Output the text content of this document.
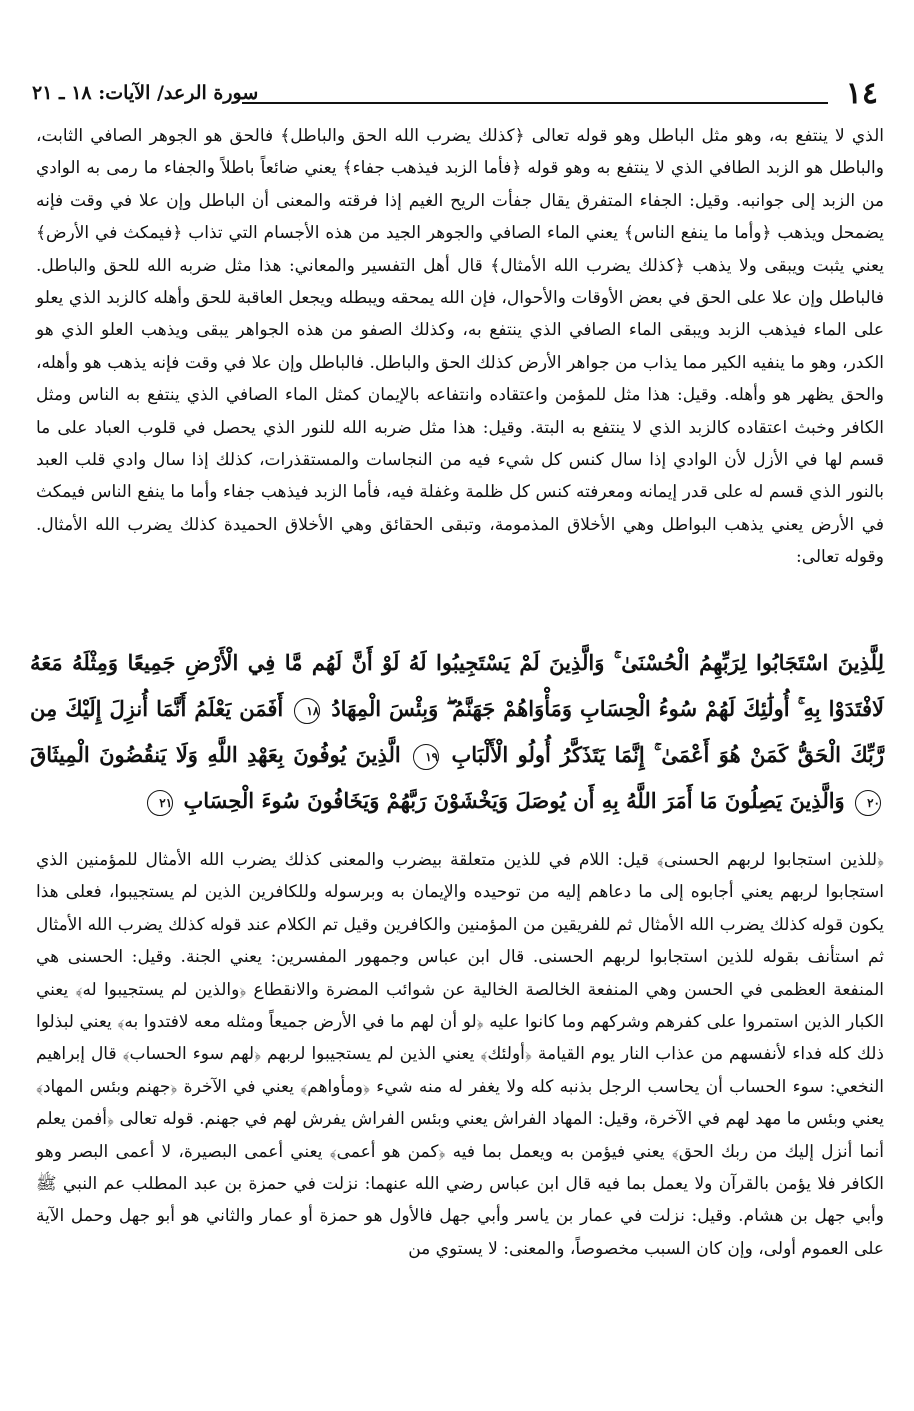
سورة الرعد/ الآيات: ١٨ ـ ٢١	١٤

الذي لا ينتفع به، وهو مثل الباطل وهو قوله تعالى ﴿كذلك يضرب الله الحق والباطل﴾ فالحق هو الجوهر الصافي الثابت، والباطل هو الزبد الطافي الذي لا ينتفع به وهو قوله ﴿فأما الزبد فيذهب جفاء﴾ يعني ضائعاً باطلاً والجفاء ما رمى به الوادي من الزبد إلى جوانبه. وقيل: الجفاء المتفرق يقال جفأت الريح الغيم إذا فرقته والمعنى أن الباطل وإن علا في وقت فإنه يضمحل ويذهب ﴿وأما ما ينفع الناس﴾ يعني الماء الصافي والجوهر الجيد من هذه الأجسام التي تذاب ﴿فيمكث في الأرض﴾ يعني يثبت ويبقى ولا يذهب ﴿كذلك يضرب الله الأمثال﴾ قال أهل التفسير والمعاني: هذا مثل ضربه الله للحق والباطل. فالباطل وإن علا على الحق في بعض الأوقات والأحوال، فإن الله يمحقه ويبطله ويجعل العاقبة للحق وأهله كالزبد الذي يعلو على الماء فيذهب الزبد ويبقى الماء الصافي الذي ينتفع به، وكذلك الصفو من هذه الجواهر يبقى ويذهب العلو الذي هو الكدر، وهو ما ينفيه الكير مما يذاب من جواهر الأرض كذلك الحق والباطل. فالباطل وإن علا في وقت فإنه يذهب هو وأهله، والحق يظهر هو وأهله. وقيل: هذا مثل للمؤمن واعتقاده وانتفاعه بالإيمان كمثل الماء الصافي الذي ينتفع به الناس ومثل الكافر وخبث اعتقاده كالزبد الذي لا ينتفع به البتة. وقيل: هذا مثل ضربه الله للنور الذي يحصل في قلوب العباد على ما قسم لها في الأزل لأن الوادي إذا سال كنس كل شيء فيه من النجاسات والمستقذرات، كذلك إذا سال وادي قلب العبد بالنور الذي قسم له على قدر إيمانه ومعرفته كنس كل ظلمة وغفلة فيه، فأما الزبد فيذهب جفاء وأما ما ينفع الناس فيمكث في الأرض يعني يذهب البواطل وهي الأخلاق المذمومة، وتبقى الحقائق وهي الأخلاق الحميدة كذلك يضرب الله الأمثال. وقوله تعالى:

لِلَّذِينَ اسْتَجَابُوا لِرَبِّهِمُ الْحُسْنَىٰ ۚ وَالَّذِينَ لَمْ يَسْتَجِيبُوا لَهُ لَوْ أَنَّ لَهُم مَّا فِي الْأَرْضِ جَمِيعًا وَمِثْلَهُ مَعَهُ لَافْتَدَوْا بِهِ ۚ أُولَٰئِكَ لَهُمْ سُوءُ الْحِسَابِ وَمَأْوَاهُمْ جَهَنَّمُ ۖ وَبِئْسَ الْمِهَادُ ١٨ أَفَمَن يَعْلَمُ أَنَّمَا أُنزِلَ إِلَيْكَ مِن رَّبِّكَ الْحَقُّ كَمَنْ هُوَ أَعْمَىٰ ۚ إِنَّمَا يَتَذَكَّرُ أُولُو الْأَلْبَابِ ١٩ الَّذِينَ يُوفُونَ بِعَهْدِ اللَّهِ وَلَا يَنقُضُونَ الْمِيثَاقَ ٢٠ وَالَّذِينَ يَصِلُونَ مَا أَمَرَ اللَّهُ بِهِ أَن يُوصَلَ وَيَخْشَوْنَ رَبَّهُمْ وَيَخَافُونَ سُوءَ الْحِسَابِ ٢١

﴿للذين استجابوا لربهم الحسنى﴾ قيل: اللام في للذين متعلقة بيضرب والمعنى كذلك يضرب الله الأمثال للمؤمنين الذي استجابوا لربهم يعني أجابوه إلى ما دعاهم إليه من توحيده والإيمان به وبرسوله وللكافرين الذين لم يستجيبوا، فعلى هذا يكون قوله كذلك يضرب الله الأمثال ثم للفريقين من المؤمنين والكافرين وقيل تم الكلام عند قوله كذلك يضرب الله الأمثال ثم استأنف بقوله للذين استجابوا لربهم الحسنى. قال ابن عباس وجمهور المفسرين: يعني الجنة. وقيل: الحسنى هي المنفعة العظمى في الحسن وهي المنفعة الخالصة الخالية عن شوائب المضرة والانقطاع ﴿والذين لم يستجيبوا له﴾ يعني الكبار الذين استمروا على كفرهم وشركهم وما كانوا عليه ﴿لو أن لهم ما في الأرض جميعاً ومثله معه لافتدوا به﴾ يعني لبذلوا ذلك كله فداء لأنفسهم من عذاب النار يوم القيامة ﴿أولئك﴾ يعني الذين لم يستجيبوا لربهم ﴿لهم سوء الحساب﴾ قال إبراهيم النخعي: سوء الحساب أن يحاسب الرجل بذنبه كله ولا يغفر له منه شيء ﴿ومأواهم﴾ يعني في الآخرة ﴿جهنم وبئس المهاد﴾ يعني وبئس ما مهد لهم في الآخرة، وقيل: المهاد الفراش يعني وبئس الفراش يفرش لهم في جهنم. قوله تعالى ﴿أفمن يعلم أنما أنزل إليك من ربك الحق﴾ يعني فيؤمن به ويعمل بما فيه ﴿كمن هو أعمى﴾ يعني أعمى البصيرة، لا أعمى البصر وهو الكافر فلا يؤمن بالقرآن ولا يعمل بما فيه قال ابن عباس رضي الله عنهما: نزلت في حمزة بن عبد المطلب عم النبي ﷺ وأبي جهل بن هشام. وقيل: نزلت في عمار بن ياسر وأبي جهل فالأول هو حمزة أو عمار والثاني هو أبو جهل وحمل الآية على العموم أولى، وإن كان السبب مخصوصاً، والمعنى: لا يستوي من
